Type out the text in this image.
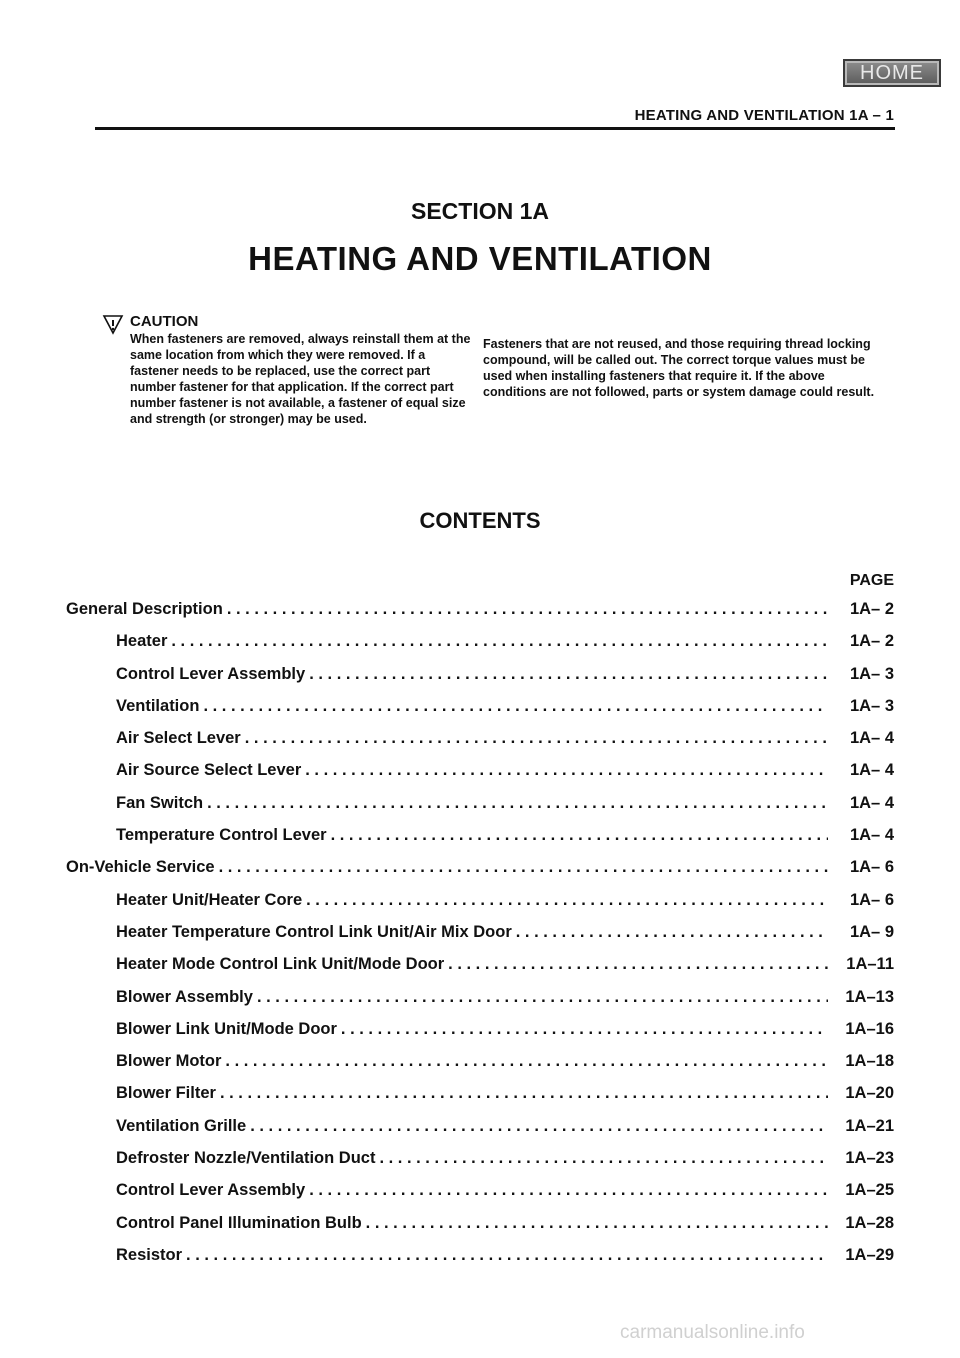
HOME
HEATING AND VENTILATION 1A – 1
SECTION 1A
HEATING AND VENTILATION
CAUTION
When fasteners are removed, always reinstall them at the same location from which they were removed. If a fastener needs to be replaced, use the correct part number fastener for that application. If the correct part number fastener is not available, a fastener of equal size and strength (or stronger) may be used.
Fasteners that are not reused, and those requiring thread locking compound, will be called out. The correct torque values must be used when installing fasteners that require it. If the above conditions are not followed, parts or system damage could result.
CONTENTS
PAGE
General Description . . .	1A– 2
Heater . . .	1A– 2
Control Lever Assembly . . .	1A– 3
Ventilation . . .	1A– 3
Air Select Lever . . .	1A– 4
Air Source Select Lever . . .	1A– 4
Fan Switch . . .	1A– 4
Temperature Control Lever . . .	1A– 4
On-Vehicle Service . . .	1A– 6
Heater Unit/Heater Core . . .	1A– 6
Heater Temperature Control Link Unit/Air Mix Door . . .	1A– 9
Heater Mode Control Link Unit/Mode Door . . .	1A–11
Blower Assembly . . .	1A–13
Blower Link Unit/Mode Door . . .	1A–16
Blower Motor . . .	1A–18
Blower Filter . . .	1A–20
Ventilation Grille . . .	1A–21
Defroster Nozzle/Ventilation Duct . . .	1A–23
Control Lever Assembly . . .	1A–25
Control Panel Illumination Bulb . . .	1A–28
Resistor . . .	1A–29
carmanualsonline.info
